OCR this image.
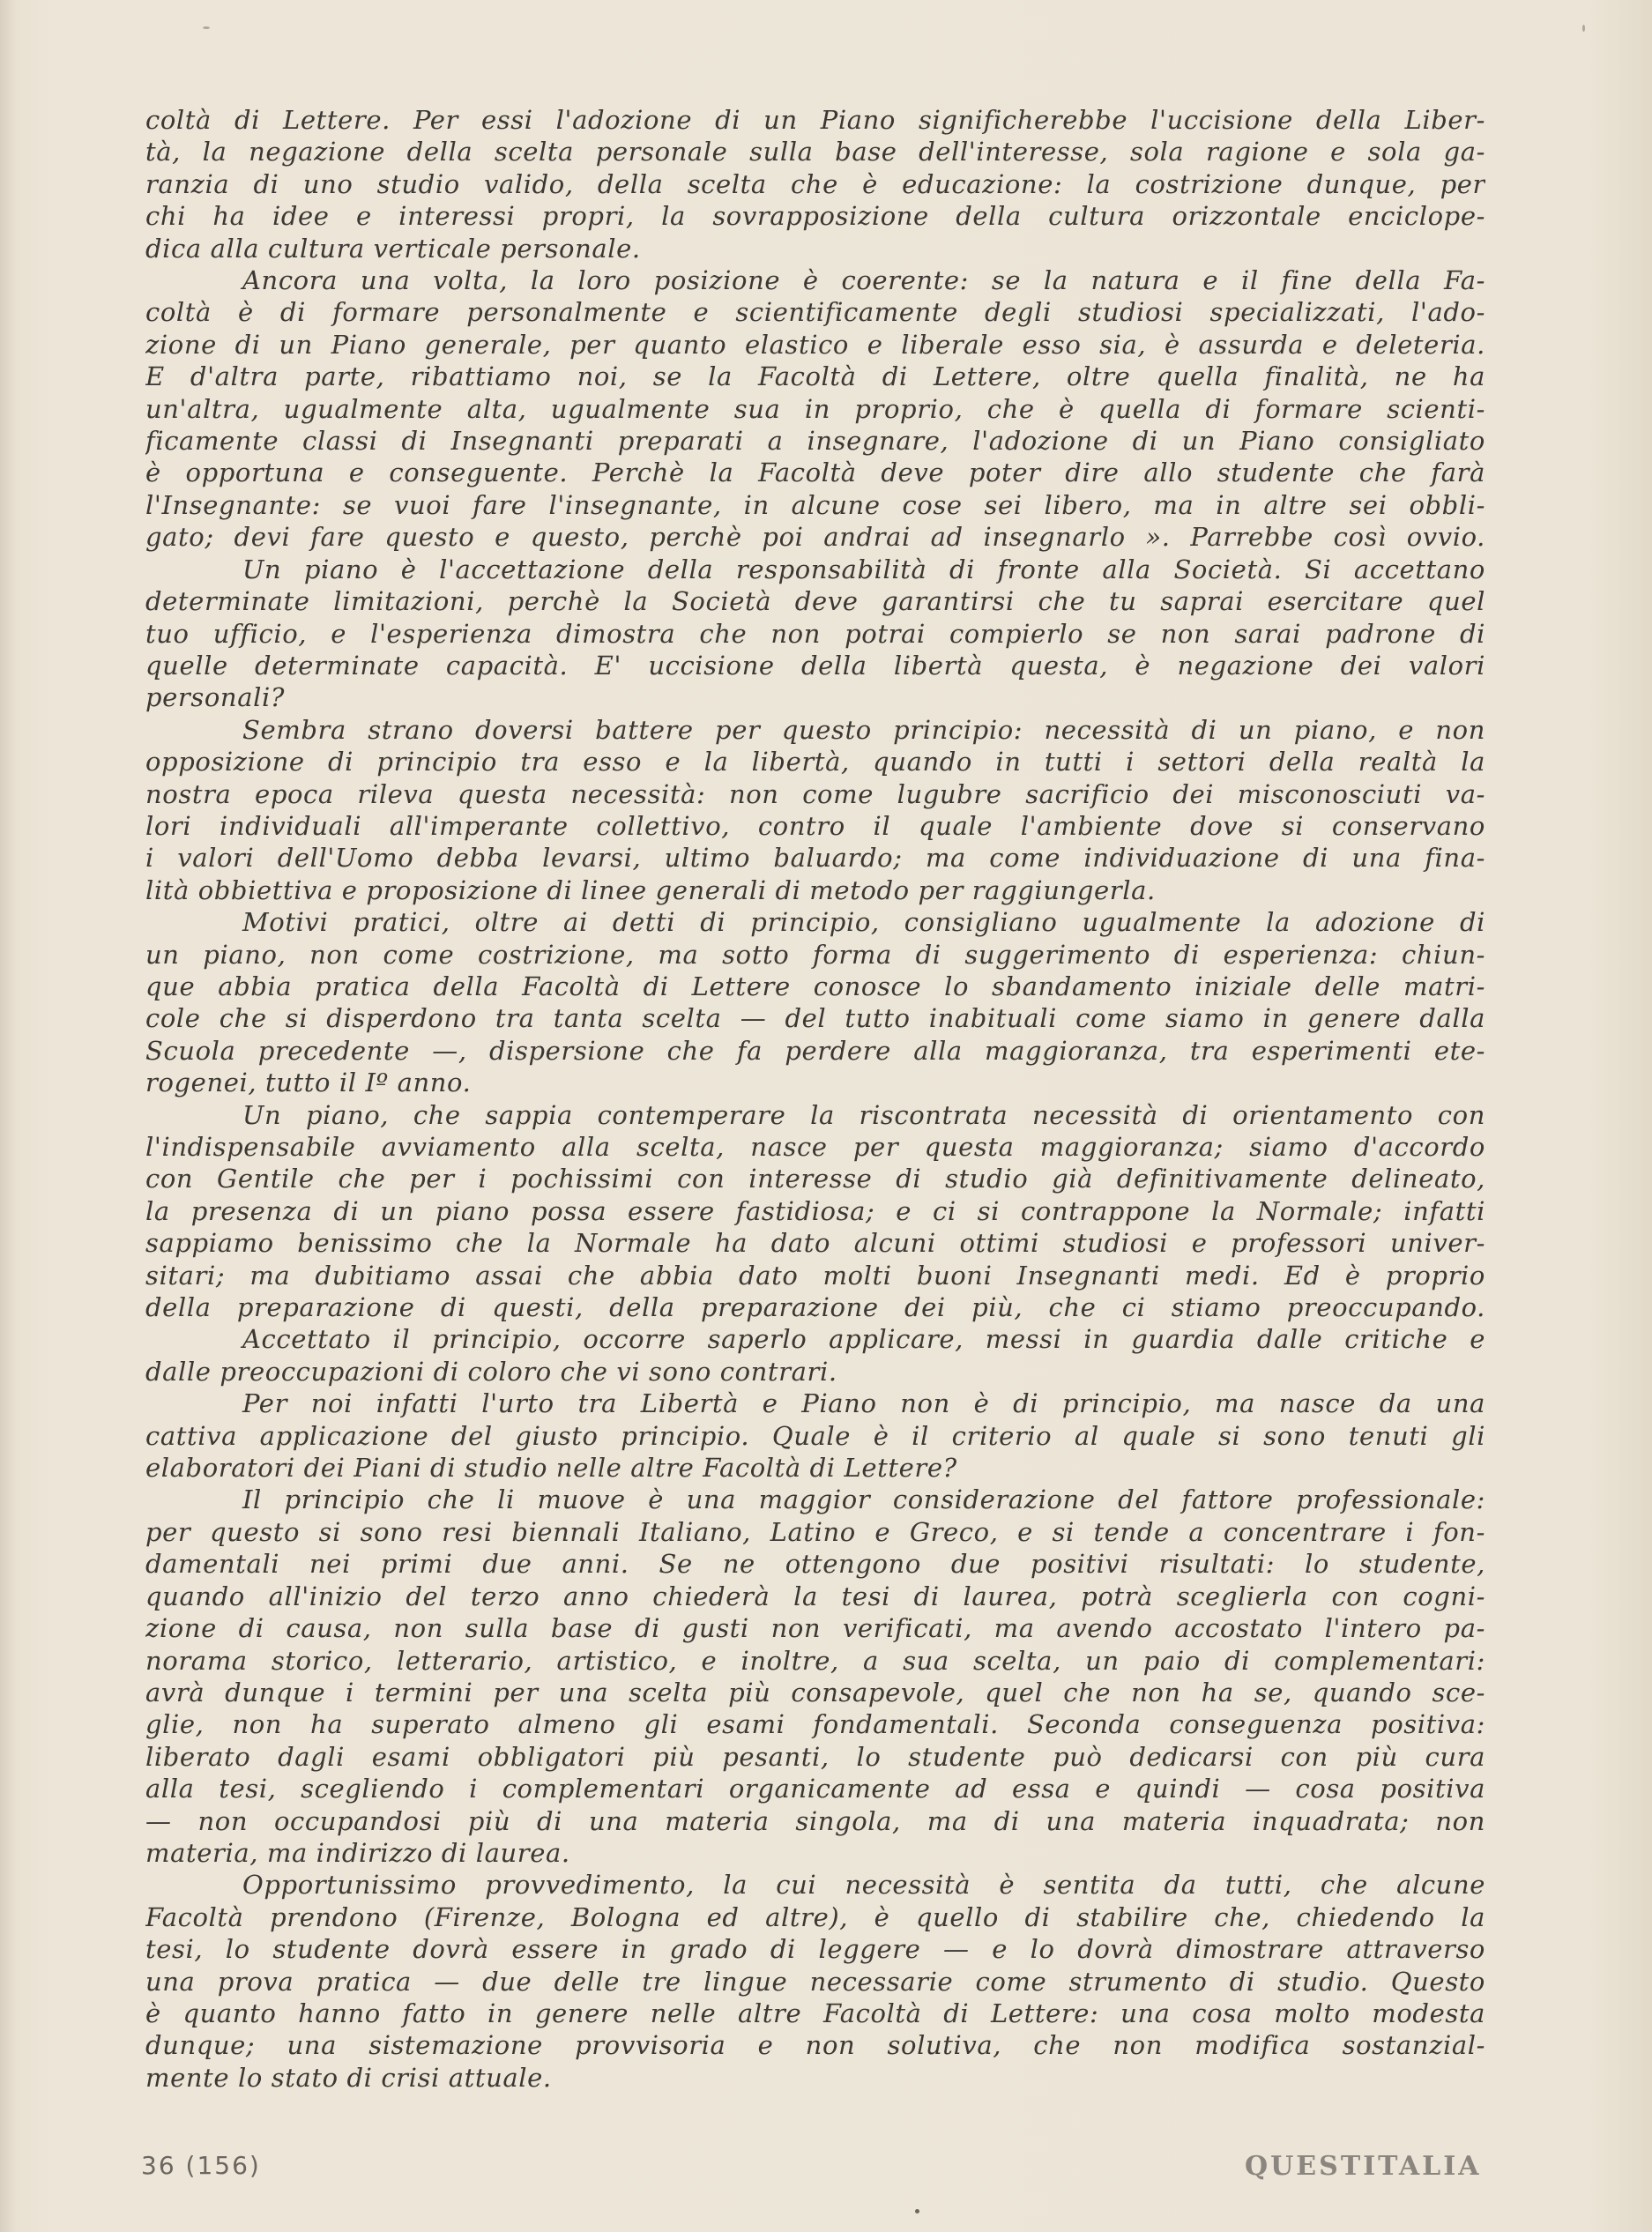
coltà di Lettere. Per essi l'adozione di un Piano significherebbe l'uccisione della Liber-
tà, la negazione della scelta personale sulla base dell'interesse, sola ragione e sola ga-
ranzia di uno studio valido, della scelta che è educazione: la costrizione dunque, per
chi ha idee e interessi propri, la sovrapposizione della cultura orizzontale enciclope-
dica alla cultura verticale personale.
Ancora una volta, la loro posizione è coerente: se la natura e il fine della Fa-
coltà è di formare personalmente e scientificamente degli studiosi specializzati, l'ado-
zione di un Piano generale, per quanto elastico e liberale esso sia, è assurda e deleteria.
E d'altra parte, ribattiamo noi, se la Facoltà di Lettere, oltre quella finalità, ne ha
un'altra, ugualmente alta, ugualmente sua in proprio, che è quella di formare scienti-
ficamente classi di Insegnanti preparati a insegnare, l'adozione di un Piano consigliato
è opportuna e conseguente. Perchè la Facoltà deve poter dire allo studente che farà
l'Insegnante: se vuoi fare l'insegnante, in alcune cose sei libero, ma in altre sei obbli-
gato; devi fare questo e questo, perchè poi andrai ad insegnarlo ». Parrebbe così ovvio.
Un piano è l'accettazione della responsabilità di fronte alla Società. Si accettano
determinate limitazioni, perchè la Società deve garantirsi che tu saprai esercitare quel
tuo ufficio, e l'esperienza dimostra che non potrai compierlo se non sarai padrone di
quelle determinate capacità. E' uccisione della libertà questa, è negazione dei valori
personali?
Sembra strano doversi battere per questo principio: necessità di un piano, e non
opposizione di principio tra esso e la libertà, quando in tutti i settori della realtà la
nostra epoca rileva questa necessità: non come lugubre sacrificio dei misconosciuti va-
lori individuali all'imperante collettivo, contro il quale l'ambiente dove si conservano
i valori dell'Uomo debba levarsi, ultimo baluardo; ma come individuazione di una fina-
lità obbiettiva e proposizione di linee generali di metodo per raggiungerla.
Motivi pratici, oltre ai detti di principio, consigliano ugualmente la adozione di
un piano, non come costrizione, ma sotto forma di suggerimento di esperienza: chiun-
que abbia pratica della Facoltà di Lettere conosce lo sbandamento iniziale delle matri-
cole che si disperdono tra tanta scelta — del tutto inabituali come siamo in genere dalla
Scuola precedente —, dispersione che fa perdere alla maggioranza, tra esperimenti ete-
rogenei, tutto il Iº anno.
Un piano, che sappia contemperare la riscontrata necessità di orientamento con
l'indispensabile avviamento alla scelta, nasce per questa maggioranza; siamo d'accordo
con Gentile che per i pochissimi con interesse di studio già definitivamente delineato,
la presenza di un piano possa essere fastidiosa; e ci si contrappone la Normale; infatti
sappiamo benissimo che la Normale ha dato alcuni ottimi studiosi e professori univer-
sitari; ma dubitiamo assai che abbia dato molti buoni Insegnanti medi. Ed è proprio
della preparazione di questi, della preparazione dei più, che ci stiamo preoccupando.
Accettato il principio, occorre saperlo applicare, messi in guardia dalle critiche e
dalle preoccupazioni di coloro che vi sono contrari.
Per noi infatti l'urto tra Libertà e Piano non è di principio, ma nasce da una
cattiva applicazione del giusto principio. Quale è il criterio al quale si sono tenuti gli
elaboratori dei Piani di studio nelle altre Facoltà di Lettere?
Il principio che li muove è una maggior considerazione del fattore professionale:
per questo si sono resi biennali Italiano, Latino e Greco, e si tende a concentrare i fon-
damentali nei primi due anni. Se ne ottengono due positivi risultati: lo studente,
quando all'inizio del terzo anno chiederà la tesi di laurea, potrà sceglierla con cogni-
zione di causa, non sulla base di gusti non verificati, ma avendo accostato l'intero pa-
norama storico, letterario, artistico, e inoltre, a sua scelta, un paio di complementari:
avrà dunque i termini per una scelta più consapevole, quel che non ha se, quando sce-
glie, non ha superato almeno gli esami fondamentali. Seconda conseguenza positiva:
liberato dagli esami obbligatori più pesanti, lo studente può dedicarsi con più cura
alla tesi, scegliendo i complementari organicamente ad essa e quindi — cosa positiva
— non occupandosi più di una materia singola, ma di una materia inquadrata; non
materia, ma indirizzo di laurea.
Opportunissimo provvedimento, la cui necessità è sentita da tutti, che alcune
Facoltà prendono (Firenze, Bologna ed altre), è quello di stabilire che, chiedendo la
tesi, lo studente dovrà essere in grado di leggere — e lo dovrà dimostrare attraverso
una prova pratica — due delle tre lingue necessarie come strumento di studio. Questo
è quanto hanno fatto in genere nelle altre Facoltà di Lettere: una cosa molto modesta
dunque; una sistemazione provvisoria e non solutiva, che non modifica sostanzial-
mente lo stato di crisi attuale.
36 (156)	QUESTITALIA
